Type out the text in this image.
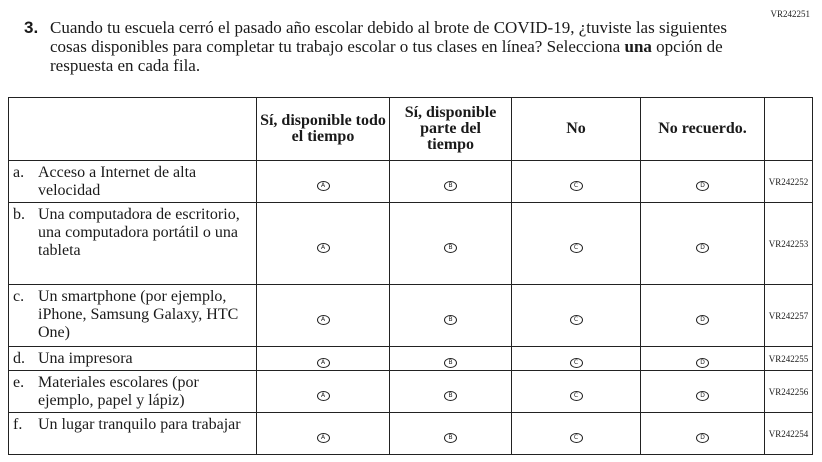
VR242251
3. Cuando tu escuela cerró el pasado año escolar debido al brote de COVID-19, ¿tuviste las siguientes cosas disponibles para completar tu trabajo escolar o tus clases en línea? Selecciona una opción de respuesta en cada fila.
	Sí, disponible todo el tiempo	Sí, disponible parte del tiempo	No	No recuerdo.	

a. Acceso a Internet de alta velocidad	A	B	C	D	VR242252

b. Una computadora de escritorio, una computadora portátil o una tableta	A	B	C	D	VR242253

c. Un smartphone (por ejemplo, iPhone, Samsung Galaxy, HTC One)	A	B	C	D	VR242257

d. Una impresora	A	B	C	D	VR242255

e. Materiales escolares (por ejemplo, papel y lápiz)	A	B	C	D	VR242256

f. Un lugar tranquilo para trabajar	A	B	C	D	VR242254
